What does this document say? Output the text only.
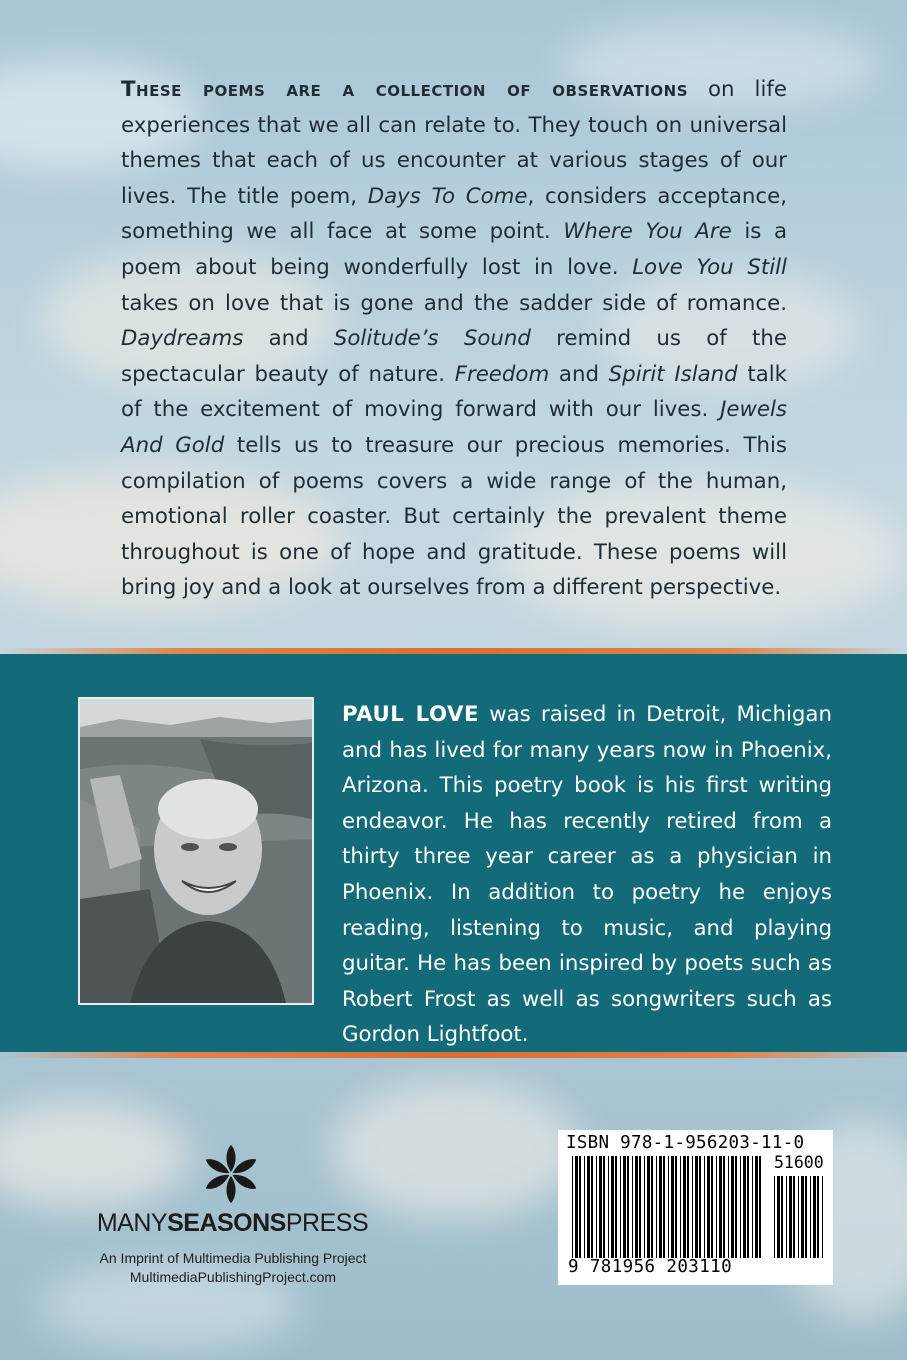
These poems are a collection of observations on life experiences that we all can relate to. They touch on universal themes that each of us encounter at various stages of our lives. The title poem, Days To Come, considers acceptance, something we all face at some point. Where You Are is a poem about being wonderfully lost in love. Love You Still takes on love that is gone and the sadder side of romance. Daydreams and Solitude’s Sound remind us of the spectacular beauty of nature. Freedom and Spirit Island talk of the excitement of moving forward with our lives. Jewels And Gold tells us to treasure our precious memories. This compilation of poems covers a wide range of the human, emotional roller coaster. But certainly the prevalent theme throughout is one of hope and gratitude. These poems will bring joy and a look at ourselves from a different perspective.

PAUL LOVE was raised in Detroit, Michigan and has lived for many years now in Phoenix, Arizona. This poetry book is his first writing endeavor. He has recently retired from a thirty three year career as a physician in Phoenix. In addition to poetry he enjoys reading, listening to music, and playing guitar. He has been inspired by poets such as Robert Frost as well as songwriters such as Gordon Lightfoot.

MANYSEASONSPRESS
An Imprint of Multimedia Publishing Project
MultimediaPublishingProject.com
ISBN 978-1-956203-11-0
51600
9 781956 203110
